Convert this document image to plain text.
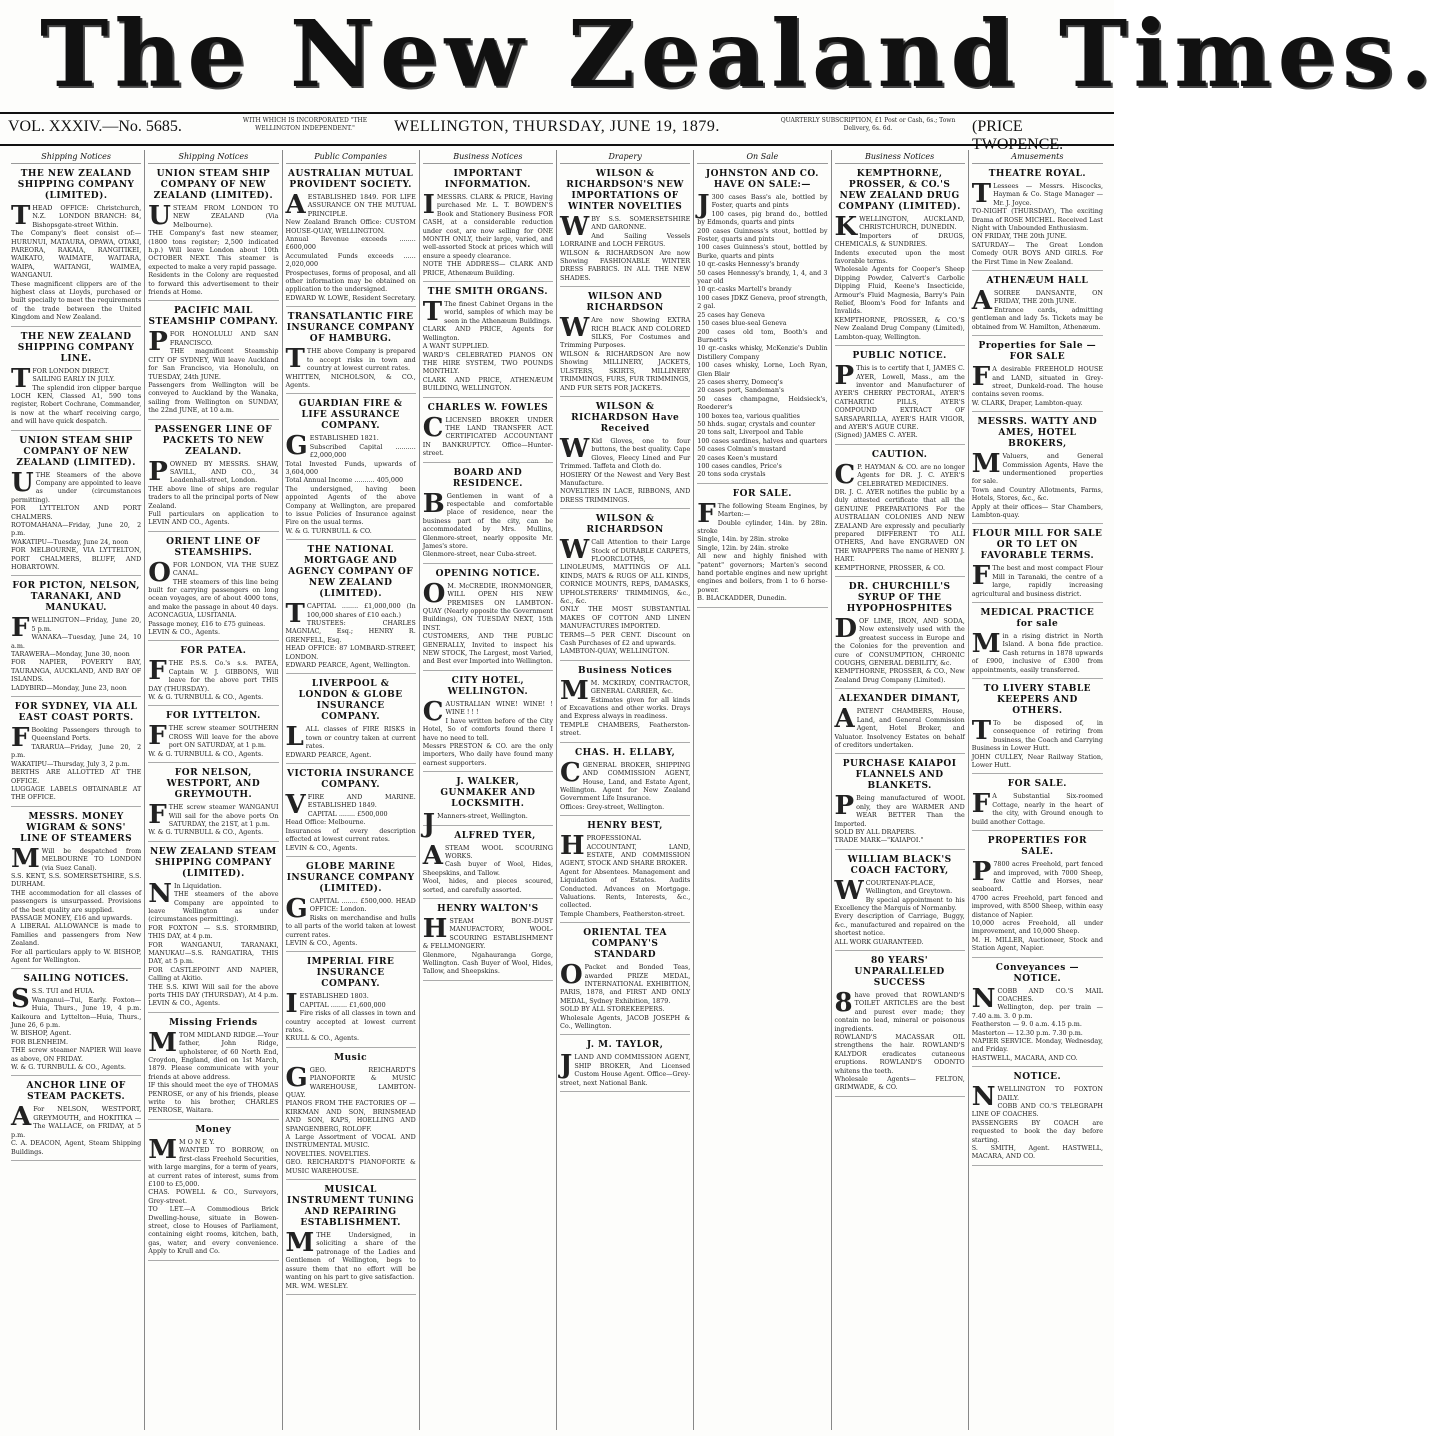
The New Zealand Times.
VOL. XXXIV.—No. 5685.	WITH WHICH IS INCORPORATED "THE WELLINGTON INDEPENDENT."	WELLINGTON, THURSDAY, JUNE 19, 1879.	QUARTERLY SUBSCRIPTION, £1 Post or Cash, 6s.; Town Delivery, 6s. 6d.	(PRICE TWOPENCE.
Shipping Notices
THE NEW ZEALAND SHIPPING COMPANY (LIMITED).
THEAD OFFICE: Christchurch, N.Z.   LONDON BRANCH: 84, Bishopsgate-street Within.
The Company's fleet consist of:— HURUNUI, MATAURA, OPAWA, OTAKI, PAREORA, RAKAIA, RANGITIKEI, WAIKATO, WAIMATE, WAITARA, WAIPA, WAITANGI, WAIMEA, WANGANUI.
These magnificent clippers are of the highest class at Lloyds, purchased or built specially to meet the requirements of the trade between the United Kingdom and New Zealand.
THE NEW ZEALAND SHIPPING COMPANY LINE.
TFOR LONDON DIRECT.
SAILING EARLY IN JULY.
The splendid iron clipper barque LOCH KEN, Classed A1, 590 tons register, Robert Cochrane, Commander, is now at the wharf receiving cargo, and will have quick despatch.
UNION STEAM SHIP COMPANY OF NEW ZEALAND (LIMITED).
UTHE Steamers of the above Company are appointed to leave as under (circumstances permitting).
FOR LYTTELTON AND PORT CHALMERS.
ROTOMAHANA—Friday, June 20, 2 p.m.
WAKATIPU—Tuesday, June 24, noon
FOR MELBOURNE, VIA LYTTELTON, PORT CHALMERS, BLUFF, AND HOBARTOWN.
FOR PICTON, NELSON, TARANAKI, AND MANUKAU.
FWELLINGTON—Friday, June 20, 5 p.m.
WANAKA—Tuesday, June 24, 10 a.m.
TARAWERA—Monday, June 30, noon
FOR NAPIER, POVERTY BAY, TAURANGA, AUCKLAND, AND BAY OF ISLANDS.
LADYBIRD—Monday, June 23, noon
FOR SYDNEY, VIA ALL EAST COAST PORTS.
F Booking Passengers through to Queensland Ports.
TARARUA—Friday, June 20, 2 p.m.
WAKATIPU—Thursday, July 3, 2 p.m.
BERTHS ARE ALLOTTED AT THE OFFICE.
LUGGAGE LABELS OBTAINABLE AT THE OFFICE.
MESSRS. MONEY WIGRAM & SONS' LINE OF STEAMERS
M Will be despatched from MELBOURNE TO LONDON (via Suez Canal).
S.S. KENT, S.S. SOMERSETSHIRE, S.S. DURHAM.
THE accommodation for all classes of passengers is unsurpassed. Provisions of the best quality are supplied.
PASSAGE MONEY, £16 and upwards.
A LIBERAL ALLOWANCE is made to Families and passengers from New Zealand.
For all particulars apply to W. BISHOP, Agent for Wellington.
SAILING NOTICES.
S S.S. TUI and HUIA.
Wanganui—Tui, Early. Foxton—Huia, Thurs., June 19, 4 p.m. Kaikoura and Lyttelton—Huia, Thurs., June 26, 6 p.m.
W. BISHOP, Agent.
FOR BLENHEIM.
THE screw steamer NAPIER Will leave as above, ON FRIDAY.
W. & G. TURNBULL & CO., Agents.
ANCHOR LINE OF STEAM PACKETS.
A For NELSON, WESTPORT, GREYMOUTH, and HOKITIKA — The WALLACE, on FRIDAY, at 5 p.m.
C. A. DEACON, Agent, Steam Shipping Buildings.
Shipping Notices
UNION STEAM SHIP COMPANY OF NEW ZEALAND (LIMITED).
USTEAM FROM LONDON TO NEW ZEALAND (Via Melbourne).
THE Company's fast new steamer, (1800 tons register; 2,500 indicated h.p.) Will leave London about 10th OCTOBER NEXT. This steamer is expected to make a very rapid passage.
Residents in the Colony are requested to forward this advertisement to their friends at Home.
PACIFIC MAIL STEAMSHIP COMPANY.
PFOR HONOLULU AND SAN FRANCISCO.
THE magnificent Steamship CITY OF SYDNEY, Will leave Auckland for San Francisco, via Honolulu, on TUESDAY, 24th JUNE.
Passengers from Wellington will be conveyed to Auckland by the Wanaka, sailing from Wellington on SUNDAY, the 22nd JUNE, at 10 a.m.
PASSENGER LINE OF PACKETS TO NEW ZEALAND.
POWNED BY MESSRS. SHAW, SAVILL, AND CO., 34 Leadenhall-street, London.
THE above line of ships are regular traders to all the principal ports of New Zealand.
Full particulars on application to LEVIN AND CO., Agents.
ORIENT LINE OF STEAMSHIPS.
OFOR LONDON, VIA THE SUEZ CANAL.
THE steamers of this line being built for carrying passengers on long ocean voyages, are of about 4000 tons, and make the passage in about 40 days.
ACONCAGUA, LUSITANIA.
Passage money, £16 to £75 guineas.
LEVIN & CO., Agents.
FOR PATEA.
FTHE P.S.S. Co.'s s.s. PATEA, Captain W. J. GIBBONS, Will leave for the above port THIS DAY (THURSDAY).
W. & G. TURNBULL & CO., Agents.
FOR LYTTELTON.
FTHE screw steamer SOUTHERN CROSS Will leave for the above port ON SATURDAY, at 1 p.m.
W. & G. TURNBULL & CO., Agents.
FOR NELSON, WESTPORT, AND GREYMOUTH.
FTHE screw steamer WANGANUI Will sail for the above ports On SATURDAY, the 21ST, at 1 p.m.
W. & G. TURNBULL & CO., Agents.
NEW ZEALAND STEAM SHIPPING COMPANY (LIMITED).
N In Liquidation.
THE steamers of the above Company are appointed to leave Wellington as under (circumstances permitting).
FOR FOXTON — S.S. STORMBIRD, THIS DAY, at 4 p.m.
FOR WANGANUI, TARANAKI, MANUKAU—S.S. RANGATIRA, THIS DAY, at 5 p.m.
FOR CASTLEPOINT AND NAPIER, Calling at Akitio.
THE S.S. KIWI Will sail for the above ports THIS DAY (THURSDAY), At 4 p.m.
LEVIN & CO., Agents.
Missing Friends
MTOM MIDLAND RIDGE.—Your father, John Ridge, upholsterer, of 60 North End, Croydon, England, died on 1st March, 1879. Please communicate with your friends at above address.
IF this should meet the eye of THOMAS PENROSE, or any of his friends, please write to his brother, CHARLES PENROSE, Waitara.
Money
M M O N E Y.
WANTED TO BORROW, on first-class Freehold Securities, with large margins, for a term of years, at current rates of interest, sums from £100 to £5,000.
CHAS. POWELL & CO., Surveyors, Grey-street.
TO LET.—A Commodious Brick Dwelling-house, situate in Bowen-street, close to Houses of Parliament, containing eight rooms, kitchen, bath, gas, water, and every convenience. Apply to Krull and Co.
Public Companies
AUSTRALIAN MUTUAL PROVIDENT SOCIETY.
AESTABLISHED 1849. FOR LIFE ASSURANCE ON THE MUTUAL PRINCIPLE.
New Zealand Branch Office: CUSTOM HOUSE-QUAY, WELLINGTON.
Annual Revenue exceeds ........ £600,000
Accumulated Funds exceeds ...... 2,020,000
Prospectuses, forms of proposal, and all other information may be obtained on application to the undersigned.
EDWARD W. LOWE, Resident Secretary.
TRANSATLANTIC FIRE INSURANCE COMPANY OF HAMBURG.
TTHE above Company is prepared to accept risks in town and country at lowest current rates.
WHITTEN, NICHOLSON, & CO., Agents.
GUARDIAN FIRE & LIFE ASSURANCE COMPANY.
GESTABLISHED 1821.
Subscribed Capital .......... £2,000,000
Total Invested Funds, upwards of 3,604,000
Total Annual Income .......... 405,000
The undersigned, having been appointed Agents of the above Company at Wellington, are prepared to issue Policies of Insurance against Fire on the usual terms.
W. & G. TURNBULL & CO.
THE NATIONAL MORTGAGE AND AGENCY COMPANY OF NEW ZEALAND (LIMITED).
TCAPITAL ........ £1,000,000 (In 100,000 shares of £10 each.)
TRUSTEES: CHARLES MAGNIAC, Esq.; HENRY R. GRENFELL, Esq.
HEAD OFFICE: 87 LOMBARD-STREET, LONDON.
EDWARD PEARCE, Agent, Wellington.
LIVERPOOL & LONDON & GLOBE INSURANCE COMPANY.
LALL classes of FIRE RISKS in town or country taken at current rates.
EDWARD PEARCE, Agent.
VICTORIA INSURANCE COMPANY.
VFIRE AND MARINE. ESTABLISHED 1849.
CAPITAL ........ £500,000
Head Office: Melbourne.
Insurances of every description effected at lowest current rates.
LEVIN & CO., Agents.
GLOBE MARINE INSURANCE COMPANY (LIMITED).
GCAPITAL ........ £500,000. HEAD OFFICE: London.
Risks on merchandise and hulls to all parts of the world taken at lowest current rates.
LEVIN & CO., Agents.
IMPERIAL FIRE INSURANCE COMPANY.
IESTABLISHED 1803.
CAPITAL ........ £1,600,000
Fire risks of all classes in town and country accepted at lowest current rates.
KRULL & CO., Agents.
Music
GGEO. REICHARDT'S PIANOFORTE & MUSIC WAREHOUSE, LAMBTON-QUAY.
PIANOS FROM THE FACTORIES OF — KIRKMAN AND SON, BRINSMEAD AND SON, KAPS, HOELLING AND SPANGENBERG, ROLOFF.
A Large Assortment of VOCAL AND INSTRUMENTAL MUSIC.
NOVELTIES. NOVELTIES.
GEO. REICHARDT'S PIANOFORTE & MUSIC WAREHOUSE.
MUSICAL INSTRUMENT TUNING AND REPAIRING ESTABLISHMENT.
MTHE Undersigned, in soliciting a share of the patronage of the Ladies and Gentlemen of Wellington, begs to assure them that no effort will be wanting on his part to give satisfaction.
MR. WM. WESLEY.
Business Notices
IMPORTANT INFORMATION.
IMESSRS. CLARK & PRICE, Having purchased Mr. L. T. BOWDEN'S Book and Stationery Business FOR CASH, at a considerable reduction under cost, are now selling for ONE MONTH ONLY, their large, varied, and well-assorted Stock at prices which will ensure a speedy clearance.
NOTE THE ADDRESS— CLARK AND PRICE, Athenæum Building.
THE SMITH ORGANS.
T The finest Cabinet Organs in the world, samples of which may be seen in the Athenæum Buildings.
CLARK AND PRICE, Agents for Wellington.
A WANT SUPPLIED.
WARD'S CELEBRATED PIANOS ON THE HIRE SYSTEM, TWO POUNDS MONTHLY.
CLARK AND PRICE, ATHENÆUM BUILDING, WELLINGTON.
CHARLES W. FOWLES
CLICENSED BROKER UNDER THE LAND TRANSFER ACT. CERTIFICATED ACCOUNTANT IN BANKRUPTCY. Office—Hunter-street.
BOARD AND RESIDENCE.
B Gentlemen in want of a respectable and comfortable place of residence, near the business part of the city, can be accommodated by Mrs. Mullins, Glenmore-street, nearly opposite Mr. James's store.
Glenmore-street, near Cuba-street.
OPENING NOTICE.
O M. McCREDIE, IRONMONGER, WILL OPEN HIS NEW PREMISES ON LAMBTON-QUAY (Nearly opposite the Government Buildings), ON TUESDAY NEXT, 15th INST.
CUSTOMERS, AND THE PUBLIC GENERALLY, Invited to inspect his NEW STOCK, The Largest, most Varied, and Best ever Imported into Wellington.
CITY HOTEL, WELLINGTON.
CAUSTRALIAN WINE! WINE! ! WINE ! ! !
I have written before of the City Hotel, So of comforts found there I have no need to tell.
Messrs PRESTON & CO. are the only importers, Who daily have found many earnest supporters.
J. WALKER, GUNMAKER AND LOCKSMITH.
J Manners-street, Wellington.
ALFRED TYER,
ASTEAM WOOL SCOURING WORKS.
Cash buyer of Wool, Hides, Sheepskins, and Tallow.
Wool, hides, and pieces scoured, sorted, and carefully assorted.
HENRY WALTON'S
HSTEAM BONE-DUST MANUFACTORY, WOOL-SCOURING ESTABLISHMENT & FELLMONGERY.
Glenmore, Ngahauranga Gorge, Wellington. Cash Buyer of Wool, Hides, Tallow, and Sheepskins.
Drapery
WILSON & RICHARDSON'S NEW IMPORTATIONS OF WINTER NOVELTIES
WBY S.S. SOMERSETSHIRE AND GARONNE.
And Sailing Vessels LORRAINE and LOCH FERGUS.
WILSON & RICHARDSON Are now Showing FASHIONABLE WINTER DRESS FABRICS. IN ALL THE NEW SHADES.
WILSON AND RICHARDSON
W Are now Showing EXTRA RICH BLACK AND COLORED SILKS, For Costumes and Trimming Purposes.
WILSON & RICHARDSON Are now Showing MILLINERY, JACKETS, ULSTERS, SKIRTS, MILLINERY TRIMMINGS, FURS, FUR TRIMMINGS, AND FUR SETS FOR JACKETS.
WILSON & RICHARDSON Have Received
W Kid Gloves, one to four buttons, the best quality. Cape Gloves, Fleecy Lined and Fur Trimmed. Taffeta and Cloth do.
HOSIERY Of the Newest and Very Best Manufacture.
NOVELTIES IN LACE, RIBBONS, AND DRESS TRIMMINGS.
WILSON & RICHARDSON
W Call Attention to their Large Stock of DURABLE CARPETS, FLOORCLOTHS, LINOLEUMS, MATTINGS OF ALL KINDS, MATS & RUGS OF ALL KINDS, CORNICE MOUNTS, REPS, DAMASKS, UPHOLSTERERS' TRIMMINGS, &c., &c., &c.
ONLY THE MOST SUBSTANTIAL MAKES OF COTTON AND LINEN MANUFACTURES IMPORTED.
TERMS—5 PER CENT. Discount on Cash Purchases of £2 and upwards.
LAMBTON-QUAY, WELLINGTON.
Business Notices
M M. MCKIRDY, CONTRACTOR, GENERAL CARRIER, &c.
Estimates given for all kinds of Excavations and other works. Drays and Express always in readiness.
TEMPLE CHAMBERS, Featherston-street.
CHAS. H. ELLABY,
CGENERAL BROKER, SHIPPING AND COMMISSION AGENT, House, Land, and Estate Agent, Wellington. Agent for New Zealand Government Life Insurance.
Offices: Grey-street, Wellington.
HENRY BEST,
HPROFESSIONAL ACCOUNTANT, LAND, ESTATE, AND COMMISSION AGENT, STOCK AND SHARE BROKER.
Agent for Absentees. Management and Liquidation of Estates. Audits Conducted. Advances on Mortgage. Valuations. Rents, Interests, &c., collected.
Temple Chambers, Featherston-street.
ORIENTAL TEA COMPANY'S STANDARD
O Packet and Bonded Teas, awarded PRIZE MEDAL, INTERNATIONAL EXHIBITION, PARIS, 1878, and FIRST AND ONLY MEDAL, Sydney Exhibition, 1879.
SOLD BY ALL STOREKEEPERS.
Wholesale Agents, JACOB JOSEPH & Co., Wellington.
J. M. TAYLOR,
JLAND AND COMMISSION AGENT, SHIP BROKER, And Licensed Custom House Agent. Office—Grey-street, next National Bank.
On Sale
JOHNSTON AND CO. HAVE ON SALE:—
J 300 cases Bass's ale, bottled by Foster, quarts and pints
100 cases, pig brand do., bottled by Edmonds, quarts and pints
200 cases Guinness's stout, bottled by Foster, quarts and pints
100 cases Guinness's stout, bottled by Burke, quarts and pints
10 qr.-casks Hennessy's brandy
50 cases Hennessy's brandy, 1, 4, and 3 year old
10 qr.-casks Martell's brandy
100 cases JDKZ Geneva, proof strength, 2 gal.
25 cases hay Geneva
150 cases blue-seal Geneva
200 cases old tom, Booth's and Burnett's
10 qr.-casks whisky, McKenzie's Dublin Distillery Company
100 cases whisky, Lorne, Loch Ryan, Glen Blair
25 cases sherry, Domecq's
20 cases port, Sandeman's
50 cases champagne, Heidsieck's, Roederer's
100 boxes tea, various qualities
50 hhds. sugar, crystals and counter
20 tons salt, Liverpool and Table
100 cases sardines, halves and quarters
50 cases Colman's mustard
20 cases Keen's mustard
100 cases candles, Price's
20 tons soda crystals
FOR SALE.
F The following Steam Engines, by Marten:—
Double cylinder, 14in. by 28in. stroke
Single, 14in. by 28in. stroke
Single, 12in. by 24in. stroke
All new and highly finished with "patent" governors; Marten's second hand portable engines and new upright engines and boilers, from 1 to 6 horse-power.
B. BLACKADDER, Dunedin.
Business Notices
KEMPTHORNE, PROSSER, & CO.'S NEW ZEALAND DRUG COMPANY (LIMITED).
KWELLINGTON, AUCKLAND, CHRISTCHURCH, DUNEDIN.
Importers of DRUGS, CHEMICALS, & SUNDRIES.
Indents executed upon the most favorable terms.
Wholesale Agents for Cooper's Sheep Dipping Powder, Calvert's Carbolic Dipping Fluid, Keene's Insecticide, Armour's Fluid Magnesia, Barry's Pain Relief, Bloom's Food for Infants and Invalids.
KEMPTHORNE, PROSSER, & CO.'S New Zealand Drug Company (Limited), Lambton-quay, Wellington.
PUBLIC NOTICE.
P This is to certify that I, JAMES C. AYER, Lowell, Mass., am the inventor and Manufacturer of AYER'S CHERRY PECTORAL, AYER'S CATHARTIC PILLS, AYER'S COMPOUND EXTRACT OF SARSAPARILLA, AYER'S HAIR VIGOR, and AYER'S AGUE CURE.
(Signed) JAMES C. AYER.
CAUTION.
C P. HAYMAN & CO. are no longer Agents for DR. J. C. AYER'S CELEBRATED MEDICINES.
DR. J. C. AYER notifies the public by a duly attested certificate that all the GENUINE PREPARATIONS For the AUSTRALIAN COLONIES AND NEW ZEALAND Are expressly and peculiarly prepared DIFFERENT TO ALL OTHERS, And have ENGRAVED ON THE WRAPPERS The name of HENRY J. HART.
KEMPTHORNE, PROSSER, & CO.
DR. CHURCHILL'S SYRUP OF THE HYPOPHOSPHITES
DOF LIME, IRON, AND SODA, Now extensively used with the greatest success in Europe and the Colonies for the prevention and cure of CONSUMPTION, CHRONIC COUGHS, GENERAL DEBILITY, &c.
KEMPTHORNE, PROSSER, & CO., New Zealand Drug Company (Limited).
ALEXANDER DIMANT,
APATENT CHAMBERS, House, Land, and General Commission Agent, Hotel Broker, and Valuator. Insolvency Estates on behalf of creditors undertaken.
PURCHASE KAIAPOI FLANNELS AND BLANKETS.
P Being manufactured of WOOL only, they are WARMER AND WEAR BETTER Than the Imported.
SOLD BY ALL DRAPERS.
TRADE MARK—"KAIAPOI."
WILLIAM BLACK'S COACH FACTORY,
WCOURTENAY-PLACE, Wellington, and Greytown.
By special appointment to his Excellency the Marquis of Normanby.
Every description of Carriage, Buggy, &c., manufactured and repaired on the shortest notice.
ALL WORK GUARANTEED.
80 YEARS' UNPARALLELED SUCCESS
8 have proved that ROWLAND'S TOILET ARTICLES are the best and purest ever made; they contain no lead, mineral or poisonous ingredients.
ROWLAND'S MACASSAR OIL strengthens the hair. ROWLAND'S KALYDOR eradicates cutaneous eruptions. ROWLAND'S ODONTO whitens the teeth.
Wholesale Agents— FELTON, GRIMWADE, & CO.
Amusements
THEATRE ROYAL.
T Lessees — Messrs. Hiscocks, Hayman & Co. Stage Manager — Mr. J. Joyce.
TO-NIGHT (THURSDAY), The exciting Drama of ROSE MICHEL. Received Last Night with Unbounded Enthusiasm.
ON FRIDAY, THE 20th JUNE.
SATURDAY— The Great London Comedy OUR BOYS AND GIRLS. For the First Time in New Zealand.
ATHENÆUM HALL
ASOIREE DANSANTE, ON FRIDAY, THE 20th JUNE.
Entrance cards, admitting gentleman and lady 5s. Tickets may be obtained from W. Hamilton, Athenæum.
Properties for Sale — FOR SALE
F A desirable FREEHOLD HOUSE and LAND, situated in Grey-street, Dunkeld-road. The house contains seven rooms.
W. CLARK, Draper, Lambton-quay.
MESSRS. WATTY AND AMES, HOTEL BROKERS,
M Valuers, and General Commission Agents, Have the undermentioned properties for sale.
Town and Country Allotments, Farms, Hotels, Stores, &c., &c.
Apply at their offices— Star Chambers, Lambton-quay.
FLOUR MILL FOR SALE OR TO LET ON FAVORABLE TERMS.
F The best and most compact Flour Mill in Taranaki, the centre of a large, rapidly increasing agricultural and business district.
MEDICAL PRACTICE for sale
Min a rising district in North Island. A bona fide practice. Cash returns in 1878 upwards of £900, inclusive of £300 from appointments, easily transferred.
TO LIVERY STABLE KEEPERS AND OTHERS.
T To be disposed of, in consequence of retiring from business, the Coach and Carrying Business in Lower Hutt.
JOHN CULLEY, Near Railway Station, Lower Hutt.
FOR SALE.
F A Substantial Six-roomed Cottage, nearly in the heart of the city, with Ground enough to build another Cottage.
PROPERTIES FOR SALE.
P 7800 acres Freehold, part fenced and improved, with 7000 Sheep, few Cattle and Horses, near seaboard.
4700 acres Freehold, part fenced and improved, with 8500 Sheep, within easy distance of Napier.
10,000 acres Freehold, all under improvement, and 10,000 Sheep.
M. H. MILLER, Auctioneer, Stock and Station Agent, Napier.
Conveyances — NOTICE.
NCOBB AND CO.'S MAIL COACHES.
Wellington, dep. per train — 7.40 a.m. 3. 0 p.m.
Featherston — 9. 0 a.m. 4.15 p.m.
Masterton — 12.30 p.m. 7.30 p.m.
NAPIER SERVICE. Monday, Wednesday, and Friday.
HASTWELL, MACARA, AND CO.
NOTICE.
NWELLINGTON TO FOXTON DAILY.
COBB AND CO.'S TELEGRAPH LINE OF COACHES.
PASSENGERS BY COACH are requested to book the day before starting.
S. SMITH, Agent. HASTWELL, MACARA, AND CO.
